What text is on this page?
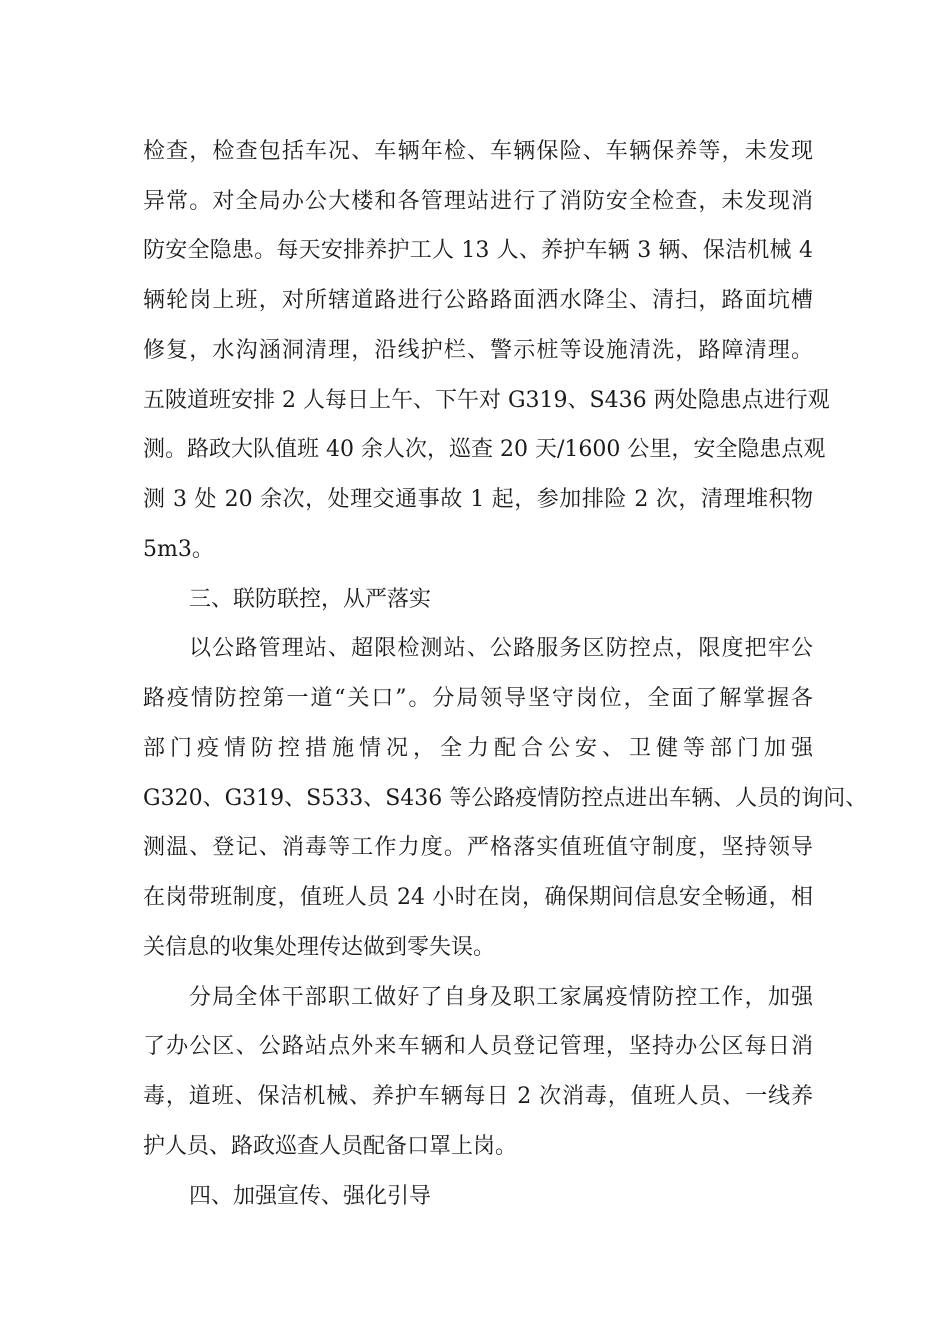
检查，检查包括车况、车辆年检、车辆保险、车辆保养等，未发现
异常。对全局办公大楼和各管理站进行了消防安全检查，未发现消
防安全隐患。每天安排养护工人 13 人、养护车辆 3 辆、保洁机械 4
辆轮岗上班，对所辖道路进行公路路面洒水降尘、清扫，路面坑槽
修复，水沟涵洞清理，沿线护栏、警示桩等设施清洗，路障清理。
五陂道班安排 2 人每日上午、下午对 G319、S436 两处隐患点进行观
测。路政大队值班 40 余人次，巡查 20 天/1600 公里，安全隐患点观
测 3 处 20 余次，处理交通事故 1 起，参加排险 2 次，清理堆积物
5m3。
三、联防联控，从严落实
以公路管理站、超限检测站、公路服务区防控点，限度把牢公
路疫情防控第一道“关口”。分局领导坚守岗位，全面了解掌握各
部门疫情防控措施情况，全力配合公安、卫健等部门加强
G320、G319、S533、S436 等公路疫情防控点进出车辆、人员的询问、
测温、登记、消毒等工作力度。严格落实值班值守制度，坚持领导
在岗带班制度，值班人员 24 小时在岗，确保期间信息安全畅通，相
关信息的收集处理传达做到零失误。
分局全体干部职工做好了自身及职工家属疫情防控工作，加强
了办公区、公路站点外来车辆和人员登记管理，坚持办公区每日消
毒，道班、保洁机械、养护车辆每日 2 次消毒，值班人员、一线养
护人员、路政巡查人员配备口罩上岗。
四、加强宣传、强化引导
